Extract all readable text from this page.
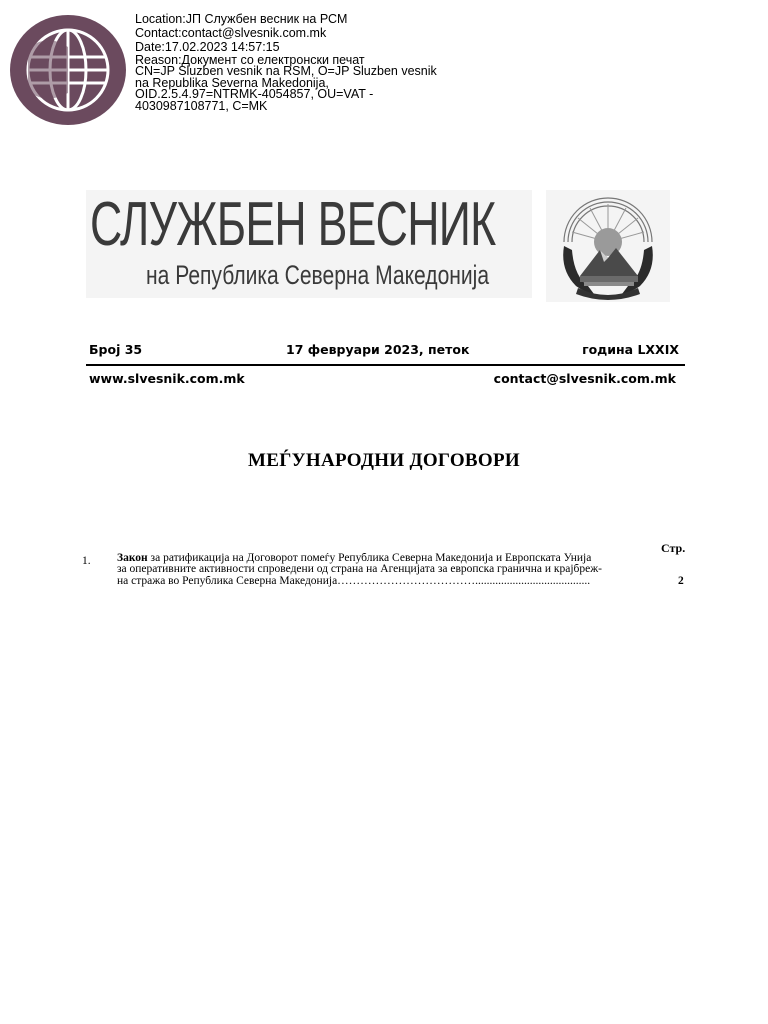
Location:ЈП Службен весник на РСМ
Contact:contact@slvesnik.com.mk
Date:17.02.2023 14:57:15
Reason:Документ со електронски печат
CN=JP Sluzben vesnik na RSM, O=JP Sluzben vesnik
na Republika Severna Makedonija,
OID.2.5.4.97=NTRMK-4054857, OU=VAT -
4030987108771, C=MK
СЛУЖБЕН ВЕСНИК
на Република Северна Македонија
Број 35	17 февруари 2023, петок	година LXXIX
www.slvesnik.com.mk	contact@slvesnik.com.mk
МЕЃУНАРОДНИ ДОГОВОРИ
Стр.
1. Закон за ратификација на Договорот помеѓу Република Северна Македонија и Европската Унија
за оперативните активности спроведени од страна на Агенцијата за европска гранична и крајбреж-
на стража во Република Северна Македонија………………………………........................................	2
